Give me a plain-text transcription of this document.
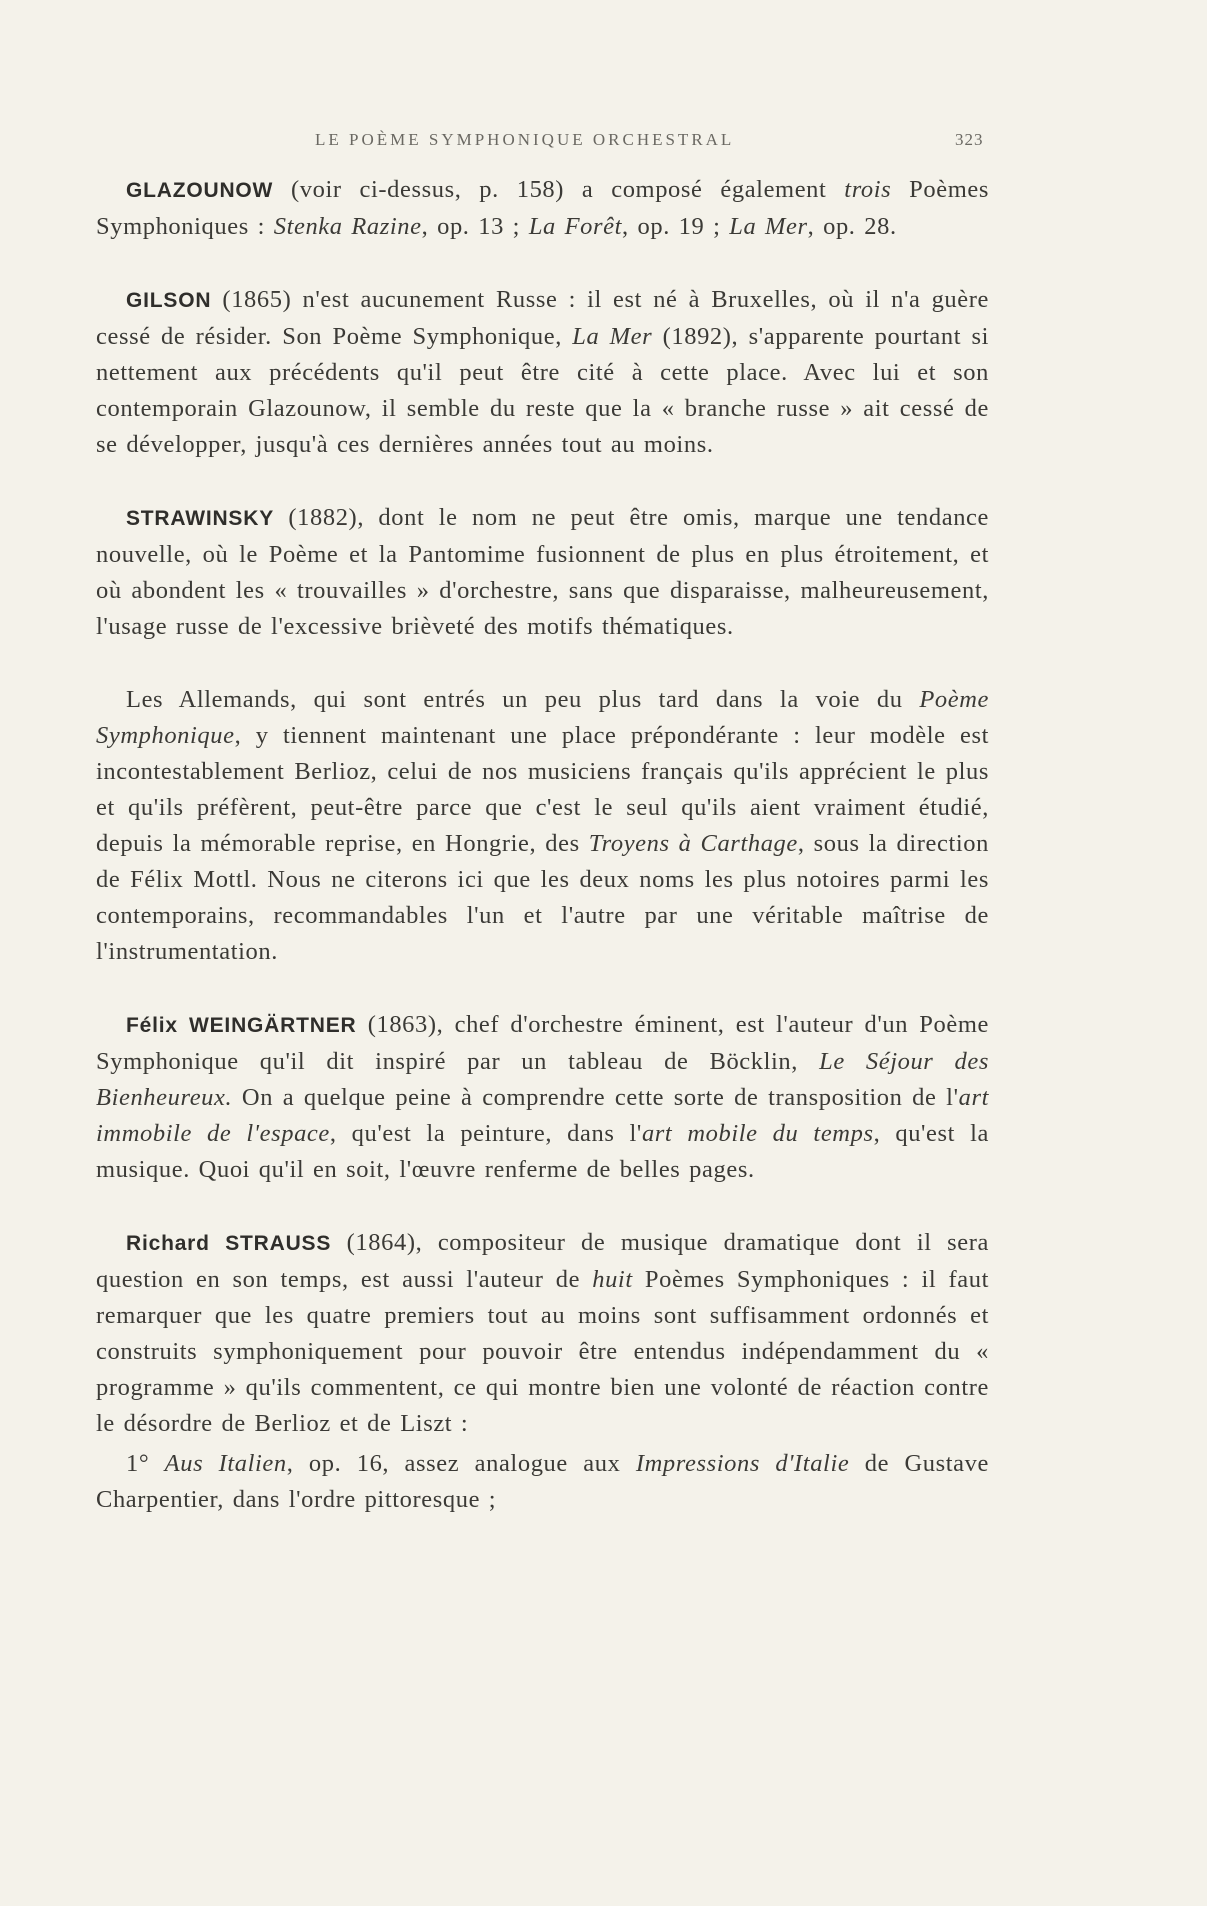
LE POÈME SYMPHONIQUE ORCHESTRAL	323

GLAZOUNOW (voir ci-dessus, p. 158) a composé également trois Poèmes Symphoniques : Stenka Razine, op. 13 ; La Forêt, op. 19 ; La Mer, op. 28.

GILSON (1865) n'est aucunement Russe : il est né à Bruxelles, où il n'a guère cessé de résider. Son Poème Symphonique, La Mer (1892), s'apparente pourtant si nettement aux précédents qu'il peut être cité à cette place. Avec lui et son contemporain Glazounow, il semble du reste que la « branche russe » ait cessé de se développer, jusqu'à ces dernières années tout au moins.

STRAWINSKY (1882), dont le nom ne peut être omis, marque une tendance nouvelle, où le Poème et la Pantomime fusionnent de plus en plus étroitement, et où abondent les « trouvailles » d'orchestre, sans que disparaisse, malheureusement, l'usage russe de l'excessive brièveté des motifs thématiques.

Les Allemands, qui sont entrés un peu plus tard dans la voie du Poème Symphonique, y tiennent maintenant une place prépondérante : leur modèle est incontestablement Berlioz, celui de nos musiciens français qu'ils apprécient le plus et qu'ils préfèrent, peut-être parce que c'est le seul qu'ils aient vraiment étudié, depuis la mémorable reprise, en Hongrie, des Troyens à Carthage, sous la direction de Félix Mottl. Nous ne citerons ici que les deux noms les plus notoires parmi les contemporains, recommandables l'un et l'autre par une véritable maîtrise de l'instrumentation.

Félix WEINGÄRTNER (1863), chef d'orchestre éminent, est l'auteur d'un Poème Symphonique qu'il dit inspiré par un tableau de Böcklin, Le Séjour des Bienheureux. On a quelque peine à comprendre cette sorte de transposition de l'art immobile de l'espace, qu'est la peinture, dans l'art mobile du temps, qu'est la musique. Quoi qu'il en soit, l'œuvre renferme de belles pages.

Richard STRAUSS (1864), compositeur de musique dramatique dont il sera question en son temps, est aussi l'auteur de huit Poèmes Symphoniques : il faut remarquer que les quatre premiers tout au moins sont suffisamment ordonnés et construits symphoniquement pour pouvoir être entendus indépendamment du « programme » qu'ils commentent, ce qui montre bien une volonté de réaction contre le désordre de Berlioz et de Liszt :

1° Aus Italien, op. 16, assez analogue aux Impressions d'Italie de Gustave Charpentier, dans l'ordre pittoresque ;
